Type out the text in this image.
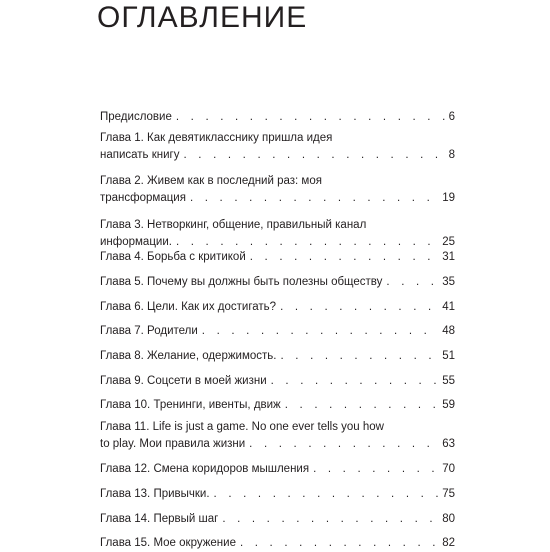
ОГЛАВЛЕНИЕ
Предисловие . . .	6
Глава 1. Как девятикласснику пришла идея
написать книгу . . .	8
Глава 2. Живем как в последний раз: моя
трансформация . . .	19
Глава 3. Нетворкинг, общение, правильный канал
информации. . . .	25
Глава 4. Борьба с критикой . . .	31
Глава 5. Почему вы должны быть полезны обществу . . .	35
Глава 6. Цели. Как их достигать? . . .	41
Глава 7. Родители . . .	48
Глава 8. Желание, одержимость. . . .	51
Глава 9. Соцсети в моей жизни . . .	55
Глава 10. Тренинги, ивенты, движ . . .	59
Глава 11. Life is just a game. No one ever tells you how
to play. Мои правила жизни . . .	63
Глава 12. Смена коридоров мышления . . .	70
Глава 13. Привычки. . . .	75
Глава 14. Первый шаг . . .	80
Глава 15. Мое окружение . . .	82
